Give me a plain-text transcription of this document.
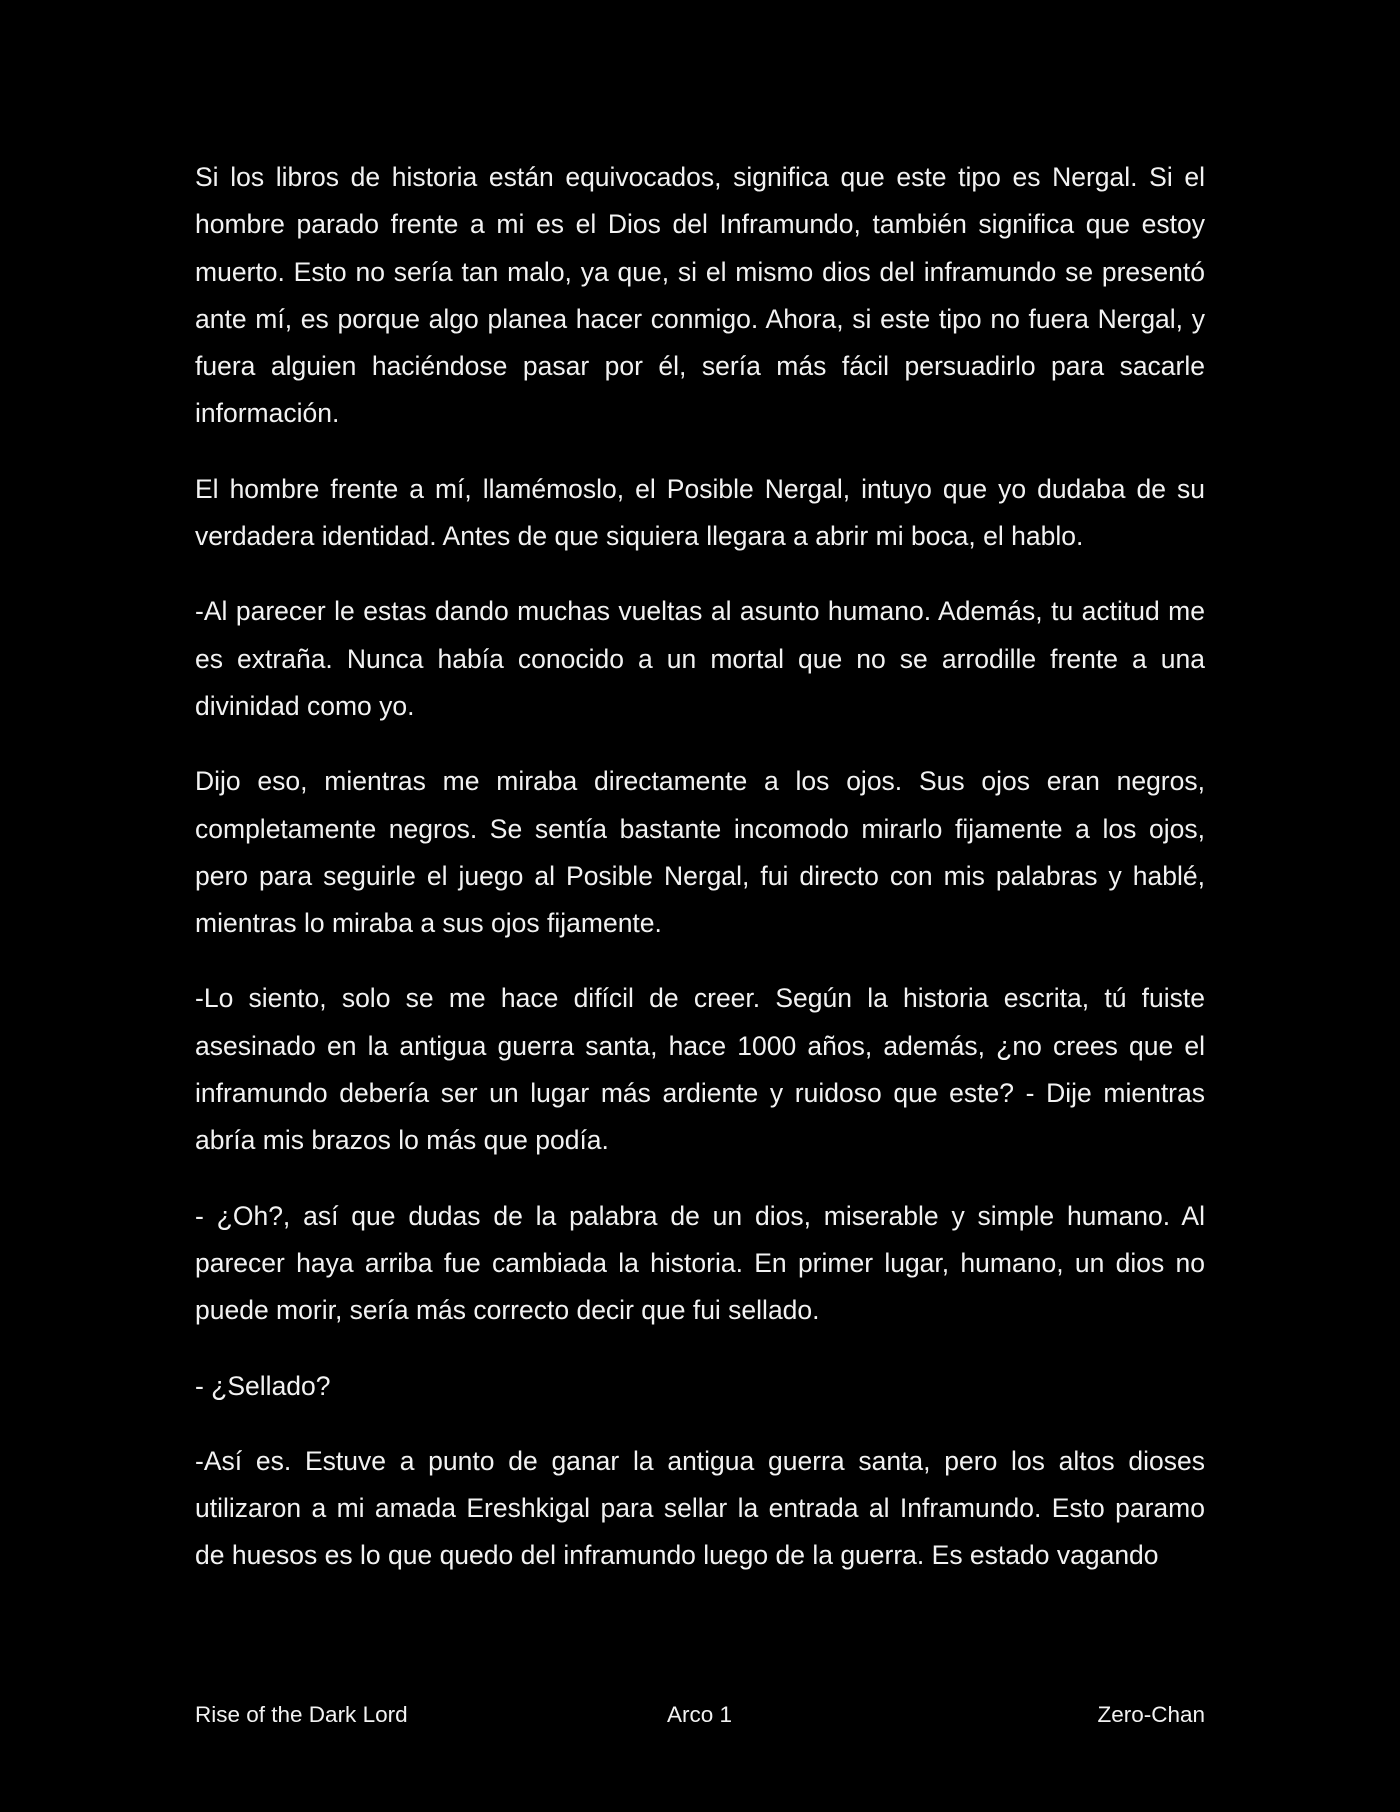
Si los libros de historia están equivocados, significa que este tipo es Nergal. Si el hombre parado frente a mi es el Dios del Inframundo, también significa que estoy muerto. Esto no sería tan malo, ya que, si el mismo dios del inframundo se presentó ante mí, es porque algo planea hacer conmigo. Ahora, si este tipo no fuera Nergal, y fuera alguien haciéndose pasar por él, sería más fácil persuadirlo para sacarle información.

El hombre frente a mí, llamémoslo, el Posible Nergal, intuyo que yo dudaba de su verdadera identidad. Antes de que siquiera llegara a abrir mi boca, el hablo.

-Al parecer le estas dando muchas vueltas al asunto humano. Además, tu actitud me es extraña. Nunca había conocido a un mortal que no se arrodille frente a una divinidad como yo.

Dijo eso, mientras me miraba directamente a los ojos. Sus ojos eran negros, completamente negros. Se sentía bastante incomodo mirarlo fijamente a los ojos, pero para seguirle el juego al Posible Nergal, fui directo con mis palabras y hablé, mientras lo miraba a sus ojos fijamente.

-Lo siento, solo se me hace difícil de creer. Según la historia escrita, tú fuiste asesinado en la antigua guerra santa, hace 1000 años, además, ¿no crees que el inframundo debería ser un lugar más ardiente y ruidoso que este? - Dije mientras abría mis brazos lo más que podía.

- ¿Oh?, así que dudas de la palabra de un dios, miserable y simple humano. Al parecer haya arriba fue cambiada la historia. En primer lugar, humano, un dios no puede morir, sería más correcto decir que fui sellado.

- ¿Sellado?

-Así es. Estuve a punto de ganar la antigua guerra santa, pero los altos dioses utilizaron a mi amada Ereshkigal para sellar la entrada al Inframundo. Esto paramo de huesos es lo que quedo del inframundo luego de la guerra. Es estado vagando

Rise of the Dark Lord	Arco 1	Zero-Chan
